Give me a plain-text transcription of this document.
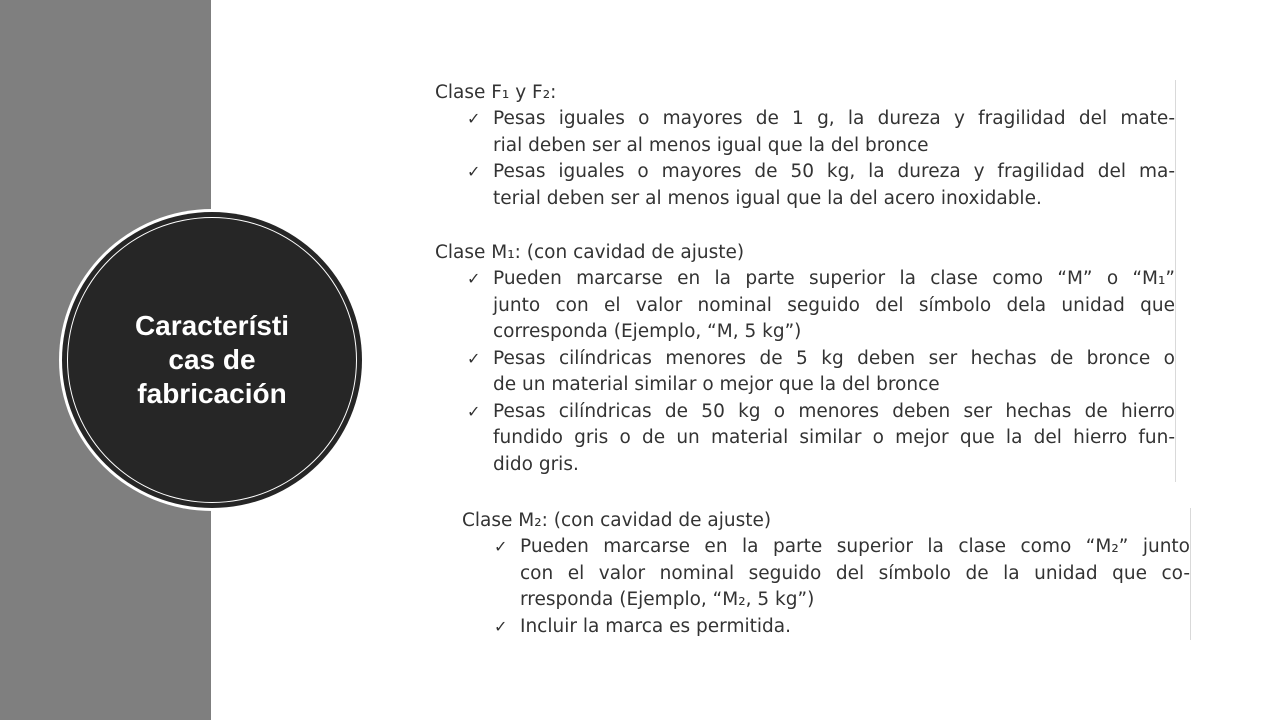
Característi
cas de
fabricación

Clase F₁ y F₂:

✓ Pesas iguales o mayores de 1 g, la dureza y fragilidad del mate-
rial deben ser al menos igual que la del bronce
✓ Pesas iguales o mayores de 50 kg, la dureza y fragilidad del ma-
terial deben ser al menos igual que la del acero inoxidable.

Clase M₁: (con cavidad de ajuste)

✓ Pueden marcarse en la parte superior la clase como “M” o “M₁”
junto con el valor nominal seguido del símbolo dela unidad que
corresponda (Ejemplo, “M, 5 kg”)
✓ Pesas cilíndricas menores de 5 kg deben ser hechas de bronce o
de un material similar o mejor que la del bronce
✓ Pesas cilíndricas de 50 kg o menores deben ser hechas de hierro
fundido gris o de un material similar o mejor que la del hierro fun-
dido gris.

Clase M₂: (con cavidad de ajuste)

✓ Pueden marcarse en la parte superior la clase como “M₂” junto
con el valor nominal seguido del símbolo de la unidad que co-
rresponda (Ejemplo, “M₂, 5 kg”)
✓ Incluir la marca es permitida.
